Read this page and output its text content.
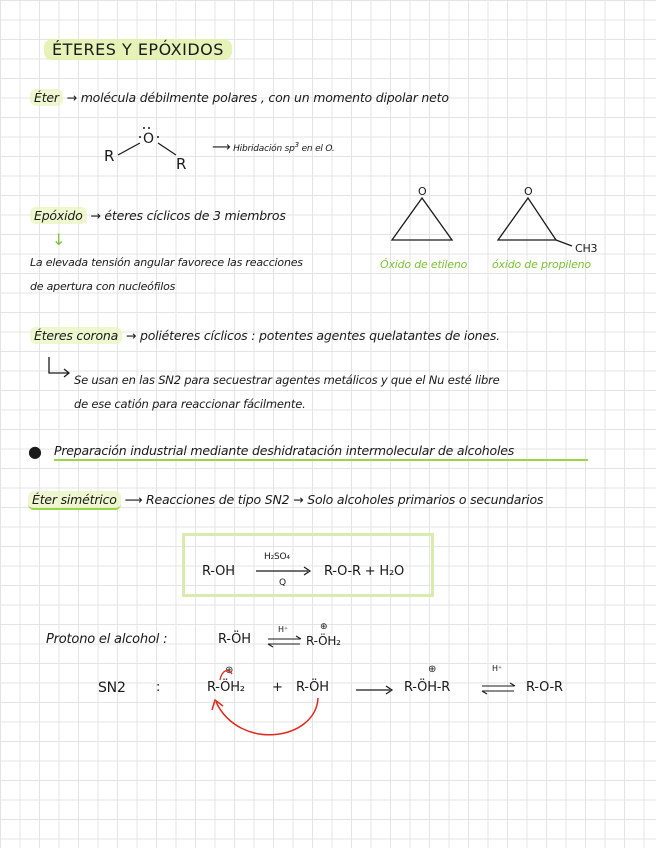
ÉTERES Y EPÓXIDOS
Éter → molécula débilmente polares , con un momento dipolar neto
R
O
R
⟶ Hibridación $sp^3$ en el O.
Epóxido → éteres cíclicos de 3 miembros
↓
La elevada tensión angular favorece las reacciones
de apertura con nucleófilos
O	O
CH3
Óxido de etileno óxido de propileno
Éteres corona → poliéteres cíclicos : potentes agentes quelatantes de iones.
Se usan en las SN2 para secuestrar agentes metálicos y que el Nu esté libre
de ese catión para reaccionar fácilmente.
● Preparación industrial mediante deshidratación intermolecular de alcoholes
Éter simétrico ⟶ Reacciones de tipo SN2 → Solo alcoholes primarios o secundarios
R-OH
H₂SO₄
Q
R-O-R + H₂O
Protono el alcohol :	R-ÖH
H⁺	⊕
R-ÖH₂
SN2 :
⊕
R-ÖH₂ + R-ÖH
⊕
R-ÖH-R
H⁺
R-O-R
